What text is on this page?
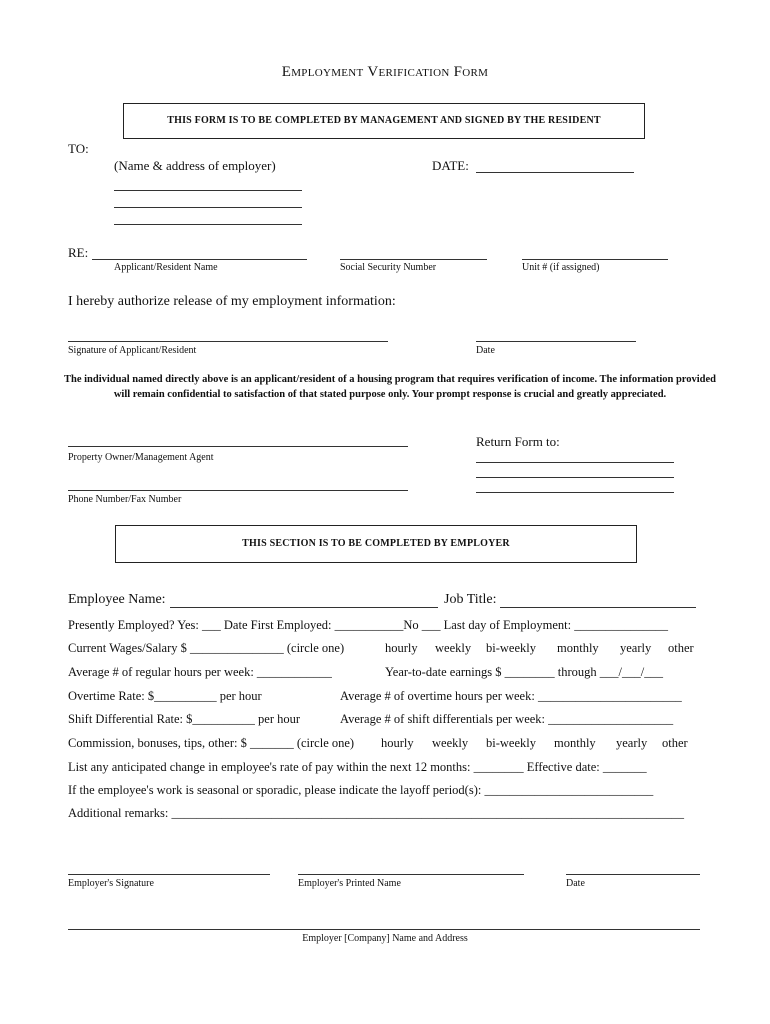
Employment Verification Form
THIS FORM IS TO BE COMPLETED BY MANAGEMENT AND SIGNED BY THE RESIDENT
TO:
(Name & address of employer)	DATE:
RE:
Applicant/Resident Name	Social Security Number	Unit # (if assigned)
I hereby authorize release of my employment information:
Signature of Applicant/Resident	Date
The individual named directly above is an applicant/resident of a housing program that requires verification of income. The information provided will remain confidential to satisfaction of that stated purpose only. Your prompt response is crucial and greatly appreciated.
Property Owner/Management Agent
Return Form to:
Phone Number/Fax Number
THIS SECTION IS TO BE COMPLETED BY EMPLOYER
Employee Name:	Job Title:
Presently Employed? Yes: ___ Date First Employed: ___________No ___ Last day of Employment: _______________
Current Wages/Salary $ _______________ (circle one)	hourly weekly bi-weekly monthly yearly other
Average # of regular hours per week: ____________	Year-to-date earnings $ ________ through ___/___/___
Overtime Rate: $__________ per hour	Average # of overtime hours per week: _______________________
Shift Differential Rate: $__________ per hour	Average # of shift differentials per week: ____________________
Commission, bonuses, tips, other: $ _______ (circle one) hourly weekly bi-weekly monthly yearly other
List any anticipated change in employee's rate of pay within the next 12 months: ________ Effective date: _______
If the employee's work is seasonal or sporadic, please indicate the layoff period(s): ___________________________
Additional remarks: __________________________________________________________________________________
Employer's Signature	Employer's Printed Name	Date
Employer [Company] Name and Address
